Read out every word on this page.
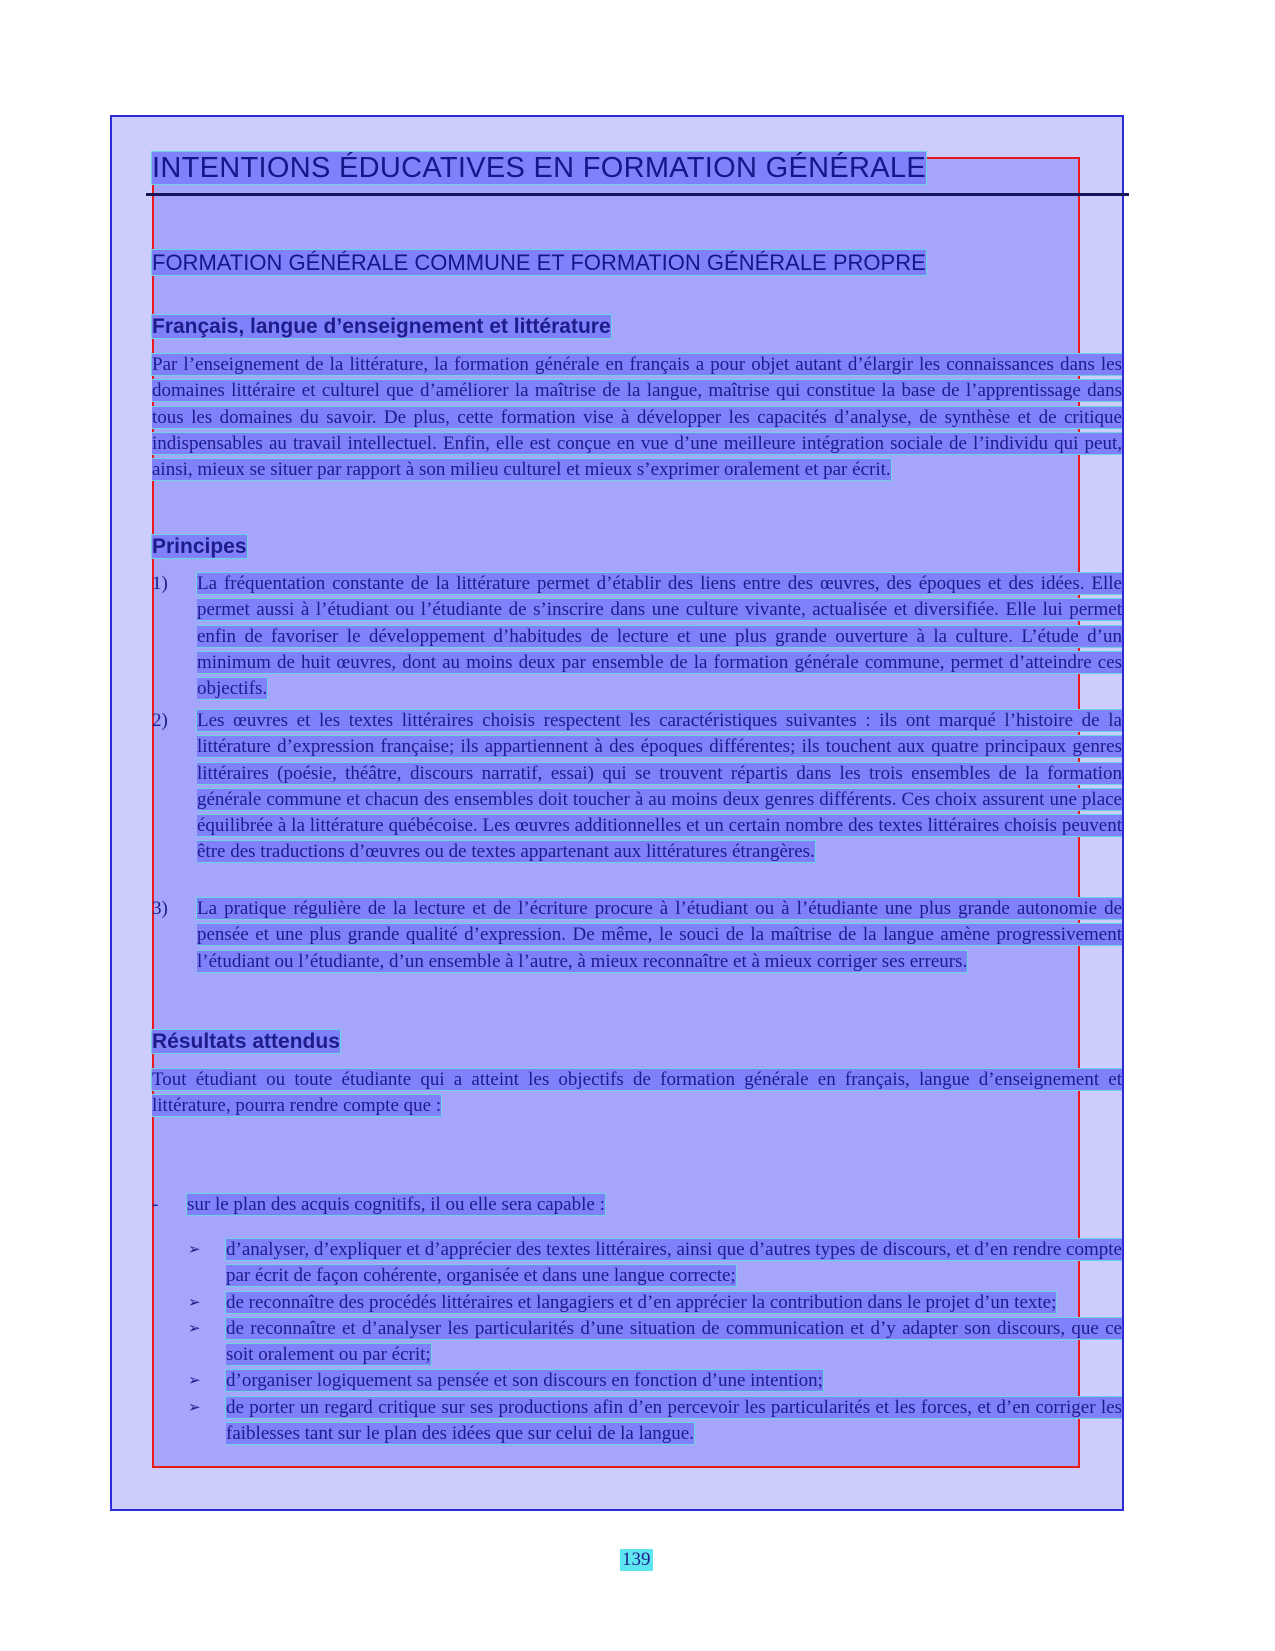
INTENTIONS ÉDUCATIVES EN FORMATION GÉNÉRALE
FORMATION GÉNÉRALE COMMUNE ET FORMATION GÉNÉRALE PROPRE
Français, langue d’enseignement et littérature

Par l’enseignement de la littérature, la formation générale en français a pour objet autant d’élargir les connaissances dans les domaines littéraire et culturel que d’améliorer la maîtrise de la langue, maîtrise qui constitue la base de l’apprentissage dans tous les domaines du savoir. De plus, cette formation vise à développer les capacités d’analyse, de synthèse et de critique indispensables au travail intellectuel. Enfin, elle est conçue en vue d’une meilleure intégration sociale de l’individu qui peut, ainsi, mieux se situer par rapport à son milieu culturel et mieux s’exprimer oralement et par écrit.

Principes
1) La fréquentation constante de la littérature permet d’établir des liens entre des œuvres, des époques et des idées. Elle permet aussi à l’étudiant ou l’étudiante de s’inscrire dans une culture vivante, actualisée et diversifiée. Elle lui permet enfin de favoriser le développement d’habitudes de lecture et une plus grande ouverture à la culture. L’étude d’un minimum de huit œuvres, dont au moins deux par ensemble de la formation générale commune, permet d’atteindre ces objectifs.
2) Les œuvres et les textes littéraires choisis respectent les caractéristiques suivantes : ils ont marqué l’histoire de la littérature d’expression française; ils appartiennent à des époques différentes; ils touchent aux quatre principaux genres littéraires (poésie, théâtre, discours narratif, essai) qui se trouvent répartis dans les trois ensembles de la formation générale commune et chacun des ensembles doit toucher à au moins deux genres différents. Ces choix assurent une place équilibrée à la littérature québécoise. Les œuvres additionnelles et un certain nombre des textes littéraires choisis peuvent être des traductions d’œuvres ou de textes appartenant aux littératures étrangères.
3) La pratique régulière de la lecture et de l’écriture procure à l’étudiant ou à l’étudiante une plus grande autonomie de pensée et une plus grande qualité d’expression. De même, le souci de la maîtrise de la langue amène progressivement l’étudiant ou l’étudiante, d’un ensemble à l’autre, à mieux reconnaître et à mieux corriger ses erreurs.
Résultats attendus

Tout étudiant ou toute étudiante qui a atteint les objectifs de formation générale en français, langue d’enseignement et littérature, pourra rendre compte que :

- sur le plan des acquis cognitifs, il ou elle sera capable :
➢ d’analyser, d’expliquer et d’apprécier des textes littéraires, ainsi que d’autres types de discours, et d’en rendre compte par écrit de façon cohérente, organisée et dans une langue correcte;
➢ de reconnaître des procédés littéraires et langagiers et d’en apprécier la contribution dans le projet d’un texte;
➢ de reconnaître et d’analyser les particularités d’une situation de communication et d’y adapter son discours, que ce soit oralement ou par écrit;
➢ d’organiser logiquement sa pensée et son discours en fonction d’une intention;
➢ de porter un regard critique sur ses productions afin d’en percevoir les particularités et les forces, et d’en corriger les faiblesses tant sur le plan des idées que sur celui de la langue.
139
